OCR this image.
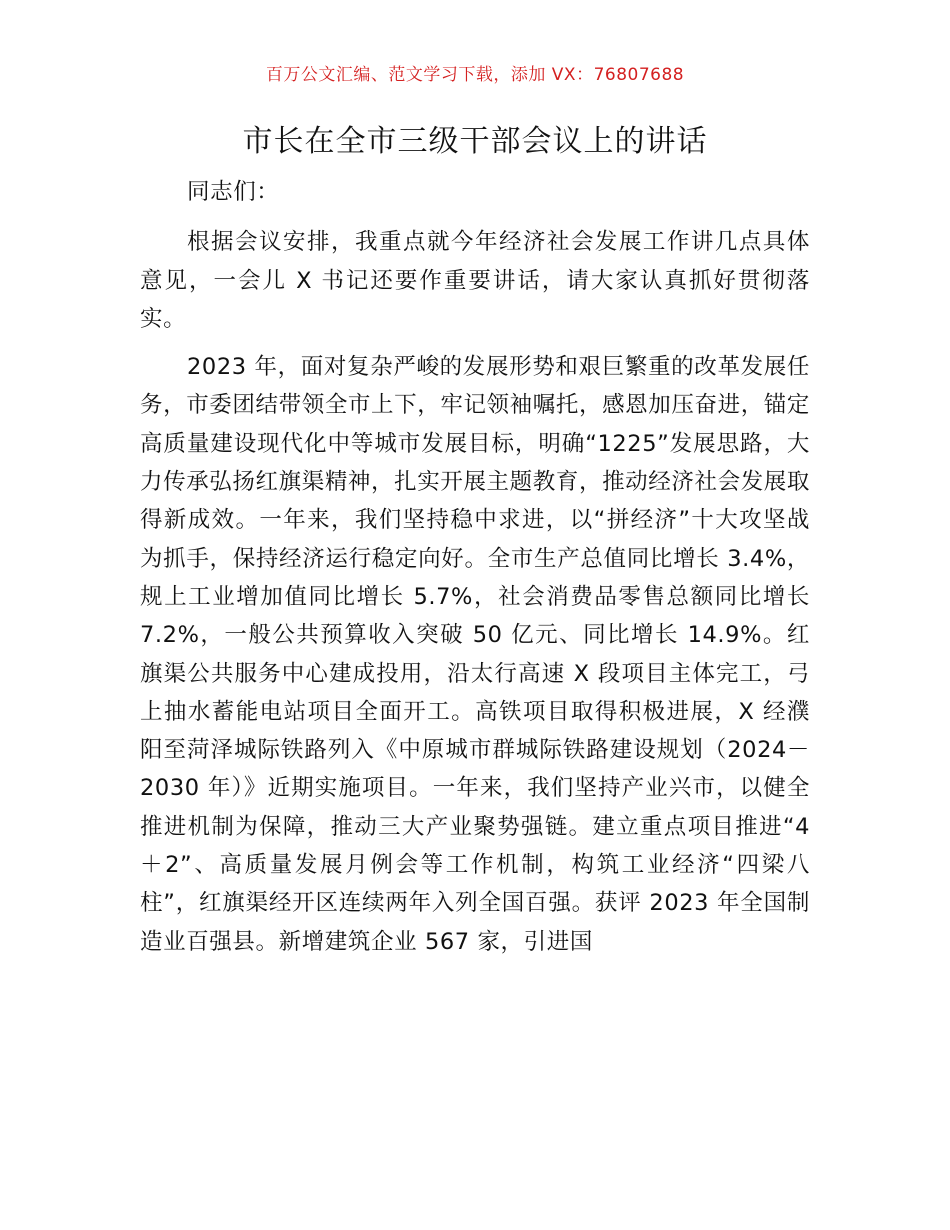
百万公文汇编、范文学习下载，添加 VX：76807688
市长在全市三级干部会议上的讲话

同志们：

根据会议安排，我重点就今年经济社会发展工作讲几点具体意见，一会儿 X 书记还要作重要讲话，请大家认真抓好贯彻落实。

2023 年，面对复杂严峻的发展形势和艰巨繁重的改革发展任务，市委团结带领全市上下，牢记领袖嘱托，感恩加压奋进，锚定高质量建设现代化中等城市发展目标，明确“1225”发展思路，大力传承弘扬红旗渠精神，扎实开展主题教育，推动经济社会发展取得新成效。一年来，我们坚持稳中求进，以“拼经济”十大攻坚战为抓手，保持经济运行稳定向好。全市生产总值同比增长 3.4%，规上工业增加值同比增长 5.7%，社会消费品零售总额同比增长 7.2%，一般公共预算收入突破 50 亿元、同比增长 14.9%。红旗渠公共服务中心建成投用，沿太行高速 X 段项目主体完工，弓上抽水蓄能电站项目全面开工。高铁项目取得积极进展，X 经濮阳至菏泽城际铁路列入《中原城市群城际铁路建设规划（2024－2030 年）》近期实施项目。一年来，我们坚持产业兴市，以健全推进机制为保障，推动三大产业聚势强链。建立重点项目推进“4＋2”、高质量发展月例会等工作机制，构筑工业经济“四梁八柱”，红旗渠经开区连续两年入列全国百强。获评 2023 年全国制造业百强县。新增建筑企业 567 家，引进国
